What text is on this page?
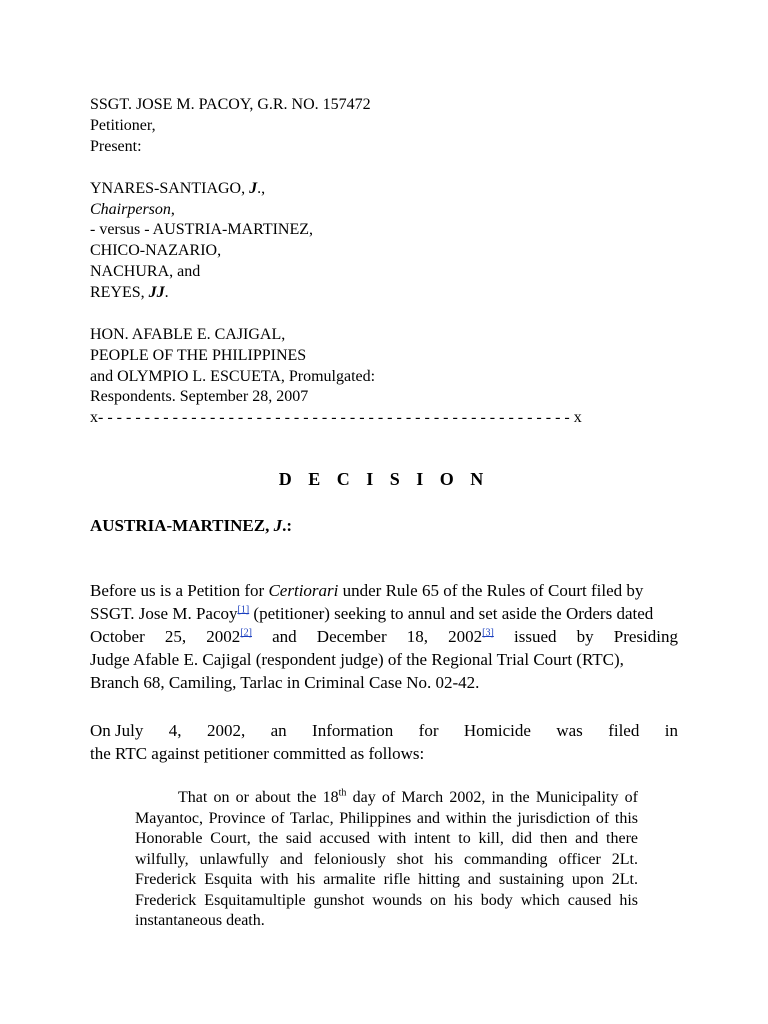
SSGT. JOSE M. PACOY, G.R. NO. 157472
Petitioner,
Present:
YNARES-SANTIAGO, J.,
Chairperson,
- versus - AUSTRIA-MARTINEZ,
CHICO-NAZARIO,
NACHURA, and
REYES, JJ.
HON. AFABLE E. CAJIGAL,
PEOPLE OF THE PHILIPPINES
and OLYMPIO L. ESCUETA, Promulgated:
Respondents. September 28, 2007
x- - - - - - - - - - - - - - - - - - - - - - - - - - - - - - - - - - - - - - - - - - - - - - - - - - - x
D E C I S I O N
AUSTRIA-MARTINEZ, J.:
Before us is a Petition for Certiorari under Rule 65 of the Rules of Court filed by
SSGT. Jose M. Pacoy[1] (petitioner) seeking to annul and set aside the Orders dated
October 25, 2002[2] and December 18, 2002[3] issued by Presiding
Judge Afable E. Cajigal (respondent judge) of the Regional Trial Court (RTC),
Branch 68, Camiling, Tarlac in Criminal Case No. 02-42.
On July 4, 2002, an Information for Homicide was filed in
the RTC against petitioner committed as follows:
That on or about the 18th day of March 2002, in the Municipality of Mayantoc, Province of Tarlac, Philippines and within the jurisdiction of this Honorable Court, the said accused with intent to kill, did then and there wilfully, unlawfully and feloniously shot his commanding officer 2Lt. Frederick Esquita with his armalite rifle hitting and sustaining upon 2Lt. Frederick Esquitamultiple gunshot wounds on his body which caused his instantaneous death.
